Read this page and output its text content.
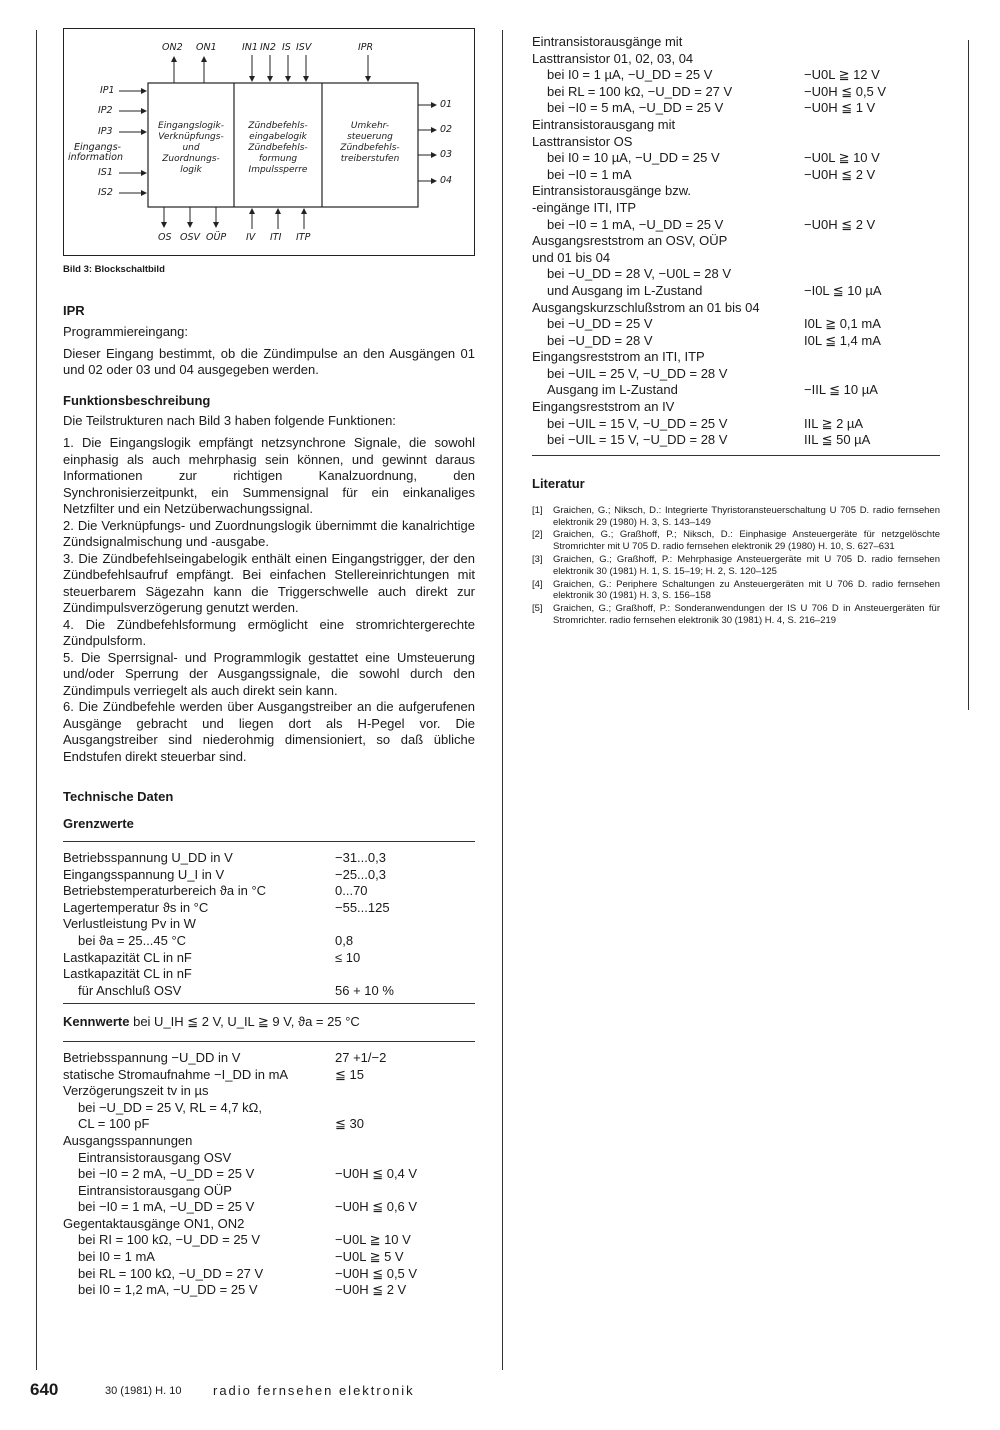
ON2 ON1	IN1 IN2 IS ISV	IPR
IP1
IP2
IP3
Eingangs-
information
IS1
IS2
01
02
03
04
OS OSV OÜP IV ITI ITP
Eingangslogik-
Verknüpfungs-
und
Zuordnungs-
logik
Zündbefehls-
eingabelogik
Zündbefehls-
formung
Impulssperre
Umkehr-
steuerung
Zündbefehls-
treiberstufen
Bild 3: Blockschaltbild
IPR

Programmiereingang:

Dieser Eingang bestimmt, ob die Zündimpulse an den Ausgängen 01 und 02 oder 03 und 04 ausgegeben werden.

Funktionsbeschreibung

Die Teilstrukturen nach Bild 3 haben folgende Funktionen:

1. Die Eingangslogik empfängt netzsynchrone Signale, die sowohl einphasig als auch mehrphasig sein können, und gewinnt daraus Informationen zur richtigen Kanalzuordnung, den Synchronisierzeitpunkt, ein Summensignal für ein einkanaliges Netzfilter und ein Netzüberwachungssignal.

2. Die Verknüpfungs- und Zuordnungslogik übernimmt die kanalrichtige Zündsignalmischung und -ausgabe.

3. Die Zündbefehlseingabelogik enthält einen Eingangstrigger, der den Zündbefehlsaufruf empfängt. Bei einfachen Stellereinrichtungen mit steuerbarem Sägezahn kann die Triggerschwelle auch direkt zur Zündimpulsverzögerung genutzt werden.

4. Die Zündbefehlsformung ermöglicht eine stromrichtergerechte Zündpulsform.

5. Die Sperrsignal- und Programmlogik gestattet eine Umsteuerung und/oder Sperrung der Ausgangssignale, die sowohl durch den Zündimpuls verriegelt als auch direkt sein kann.

6. Die Zündbefehle werden über Ausgangstreiber an die aufgerufenen Ausgänge gebracht und liegen dort als H-Pegel vor. Die Ausgangstreiber sind niederohmig dimensioniert, so daß übliche Endstufen direkt steuerbar sind.

Technische Daten
Grenzwerte
Betriebsspannung U_DD in V	−31...0,3
Eingangsspannung U_I in V	−25...0,3
Betriebstemperaturbereich ϑa in °C	0...70
Lagertemperatur ϑs in °C	−55...125
Verlustleistung Pv in W
bei ϑa = 25...45 °C	0,8
Lastkapazität CL in nF	≤ 10
Lastkapazität CL in nF
für Anschluß OSV	56 + 10 %
Kennwerte bei U_IH ≦ 2 V, U_IL ≧ 9 V, ϑa = 25 °C
Betriebsspannung −U_DD in V	27 +1/−2
statische Stromaufnahme −I_DD in mA	≦ 15
Verzögerungszeit tv in µs
bei −U_DD = 25 V, RL = 4,7 kΩ,
CL = 100 pF	≦ 30
Ausgangsspannungen
Eintransistorausgang OSV
bei −I0 = 2 mA, −U_DD = 25 V	−U0H ≦ 0,4 V
Eintransistorausgang OÜP
bei −I0 = 1 mA, −U_DD = 25 V	−U0H ≦ 0,6 V
Gegentaktausgänge ON1, ON2
bei RI = 100 kΩ, −U_DD = 25 V	−U0L ≧ 10 V
bei I0 = 1 mA	−U0L ≧ 5 V
bei RL = 100 kΩ, −U_DD = 27 V	−U0H ≦ 0,5 V
bei I0 = 1,2 mA, −U_DD = 25 V	−U0H ≦ 2 V
Eintransistorausgänge mit
Lasttransistor 01, 02, 03, 04
bei I0 = 1 µA, −U_DD = 25 V	−U0L ≧ 12 V
bei RL = 100 kΩ, −U_DD = 27 V	−U0H ≦ 0,5 V
bei −I0 = 5 mA, −U_DD = 25 V	−U0H ≦ 1 V
Eintransistorausgang mit
Lasttransistor OS
bei I0 = 10 µA, −U_DD = 25 V	−U0L ≧ 10 V
bei −I0 = 1 mA	−U0H ≦ 2 V
Eintransistorausgänge bzw.
-eingänge ITI, ITP
bei −I0 = 1 mA, −U_DD = 25 V	−U0H ≦ 2 V
Ausgangsreststrom an OSV, OÜP
und 01 bis 04
bei −U_DD = 28 V, −U0L = 28 V
und Ausgang im L-Zustand	−I0L ≦ 10 µA
Ausgangskurzschlußstrom an 01 bis 04
bei −U_DD = 25 V	I0L ≧ 0,1 mA
bei −U_DD = 28 V	I0L ≦ 1,4 mA
Eingangsreststrom an ITI, ITP
bei −UIL = 25 V, −U_DD = 28 V
Ausgang im L-Zustand	−IIL ≦ 10 µA
Eingangsreststrom an IV
bei −UIL = 15 V, −U_DD = 25 V	IIL ≧ 2 µA
bei −UIL = 15 V, −U_DD = 28 V	IIL ≦ 50 µA
Literatur
[1] Graichen, G.; Niksch, D.: Integrierte Thyristoransteuerschaltung U 705 D. radio fernsehen elektronik 29 (1980) H. 3, S. 143–149
[2] Graichen, G.; Graßhoff, P.; Niksch, D.: Einphasige Ansteuergeräte für netzgelöschte Stromrichter mit U 705 D. radio fernsehen elektronik 29 (1980) H. 10, S. 627–631
[3] Graichen, G.; Graßhoff, P.: Mehrphasige Ansteuergeräte mit U 705 D. radio fernsehen elektronik 30 (1981) H. 1, S. 15–19; H. 2, S. 120–125
[4] Graichen, G.: Periphere Schaltungen zu Ansteuergeräten mit U 706 D. radio fernsehen elektronik 30 (1981) H. 3, S. 156–158
[5] Graichen, G.; Graßhoff, P.: Sonderanwendungen der IS U 706 D in Ansteuergeräten für Stromrichter. radio fernsehen elektronik 30 (1981) H. 4, S. 216–219
640	30 (1981) H. 10 radio fernsehen elektronik
